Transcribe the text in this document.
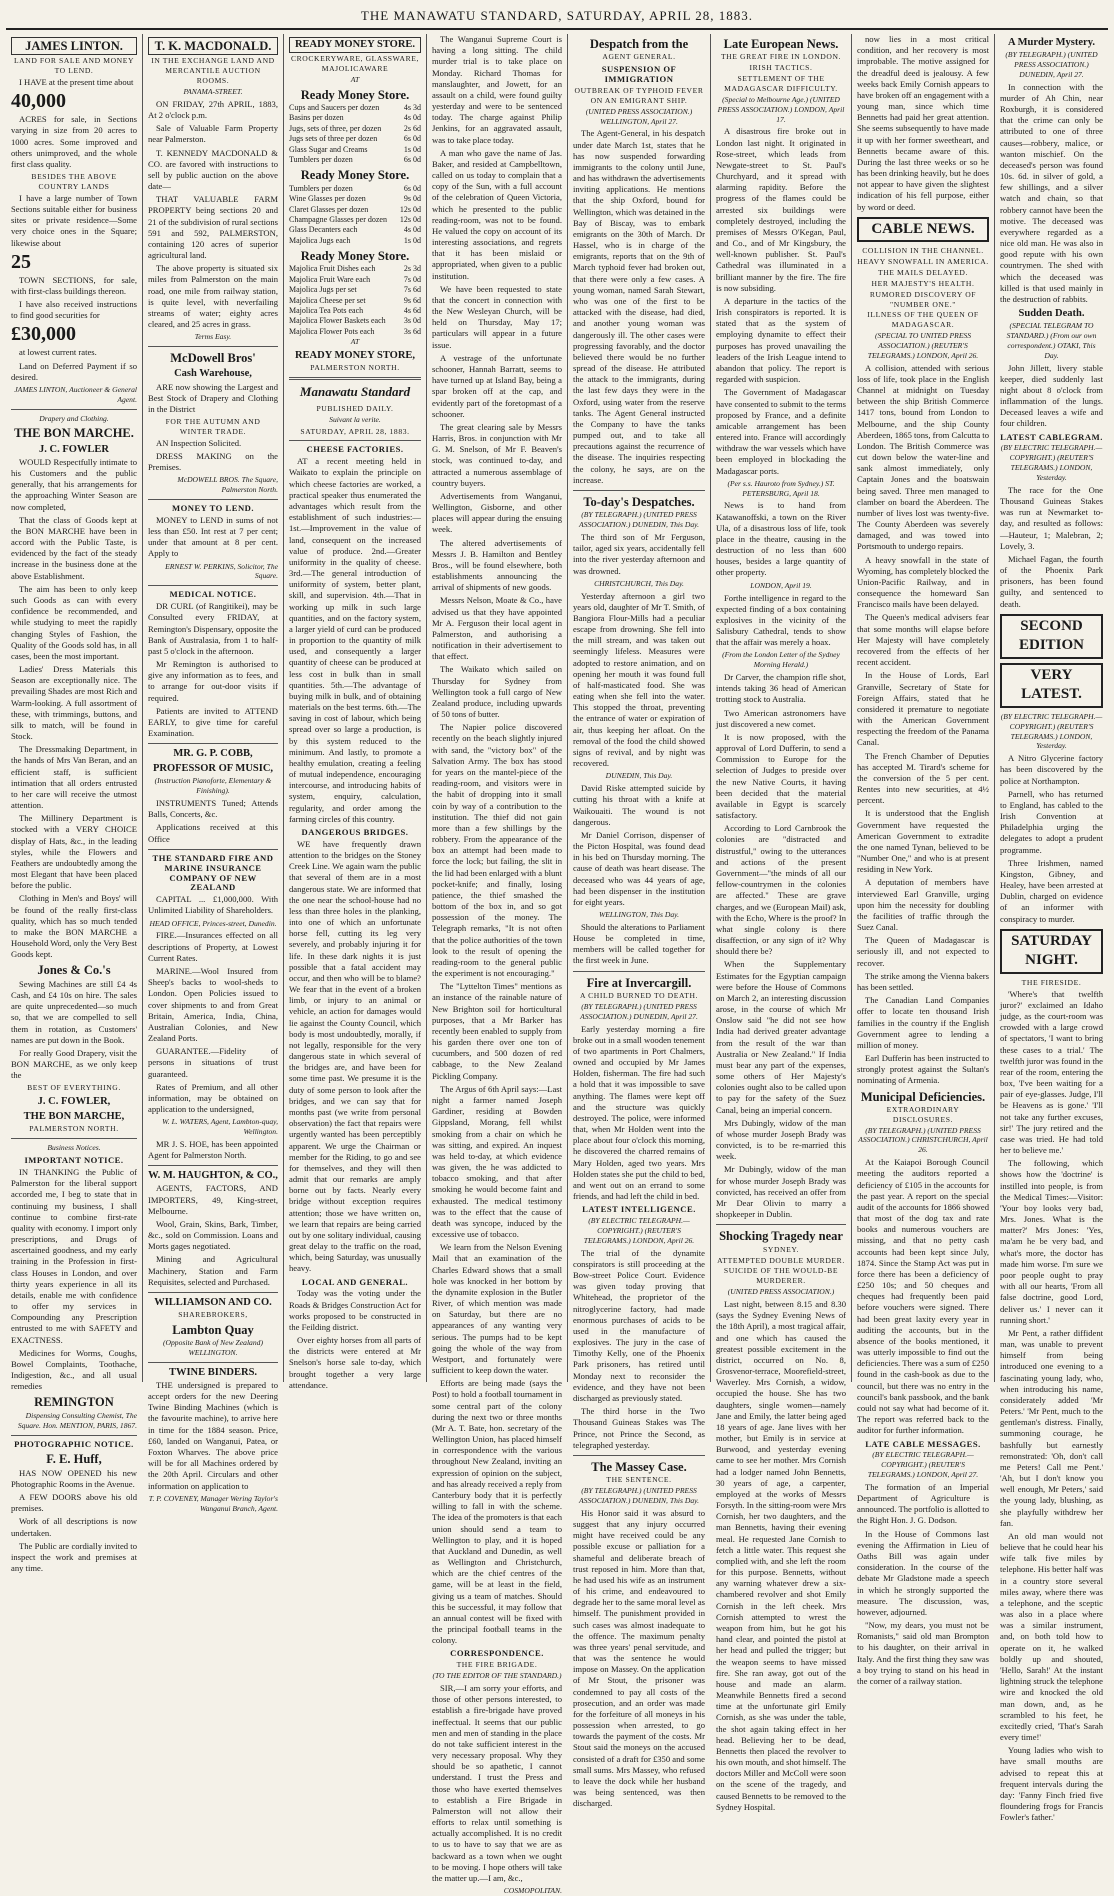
THE MANAWATU STANDARD, SATURDAY, APRIL 28, 1883.
JAMES LINTON.
LAND FOR SALE AND MONEY TO LEND.

I HAVE at the present time about

40,000

ACRES for sale, in Sections varying in size from 20 acres to 1000 acres. Some improved and others unimproved, and the whole first class quality.

BESIDES THE ABOVE COUNTRY LANDS

I have a large number of Town Sections suitable either for business sites or private residence—Some very choice ones in the Square; likewise about

25

TOWN SECTIONS, for sale, with first-class buildings thereon.

I have also received instructions to find good securities for

£30,000

at lowest current rates.

Land on Deferred Payment if so desired.

JAMES LINTON, Auctioneer & General Agent.
Drapery and Clothing.
THE BON MARCHE.
J. C. FOWLER

WOULD Respectfully intimate to his Customers and the public generally, that his arrangements for the approaching Winter Season are now completed,

That the class of Goods kept at the BON MARCHE have been in accord with the Public Taste, is evidenced by the fact of the steady increase in the business done at the above Establishment.

The aim has been to only keep such Goods as can with every confidence be recommended, and while studying to meet the rapidly changing Styles of Fashion, the Quality of the Goods sold has, in all cases, been the most important.

Ladies' Dress Materials this Season are exceptionally nice. The prevailing Shades are most Rich and Warm-looking. A full assortment of these, with trimmings, buttons, and silk to match, will be found in Stock.

The Dressmaking Department, in the hands of Mrs Van Beran, and an efficient staff, is sufficient intimation that all orders entrusted to her care will receive the utmost attention.

The Millinery Department is stocked with a VERY CHOICE display of Hats, &c., in the leading styles, while the Flowers and Feathers are undoubtedly among the most Elegant that have been placed before the public.

Clothing in Men's and Boys' will be found of the really first-class quality, which has so much tended to make the BON MARCHE a Household Word, only the Very Best Goods kept.

Jones & Co.'s

Sewing Machines are still £4 4s Cash, and £4 10s on hire. The sales are quite unprecedented—so much so, that we are compelled to sell them in rotation, as Customers' names are put down in the Book.

For really Good Drapery, visit the BON MARCHE, as we only keep the

BEST OF EVERYTHING.
J. C. FOWLER,
THE BON MARCHE,
PALMERSTON NORTH.
Business Notices.
IMPORTANT NOTICE.

IN THANKING the Public of Palmerston for the liberal support accorded me, I beg to state that in continuing my business, I shall continue to combine first-rate quality with economy. I import only prescriptions, and Drugs of ascertained goodness, and my early training in the Profession in first-class Houses in London, and over thirty years experience in all its details, enable me with confidence to offer my services in Compounding any Prescription entrusted to me with SAFETY and EXACTNESS.

Medicines for Worms, Coughs, Bowel Complaints, Toothache, Indigestion, &c., and all usual remedies

REMINGTON
Dispensing Consulting Chemist, The Square. Hon. MENTION, PARIS, 1867.
PHOTOGRAPHIC NOTICE.
F. E. Huff,

HAS NOW OPENED his new Photographic Rooms in the Avenue.

A FEW DOORS above his old premises.

Work of all descriptions is now undertaken.

The Public are cordially invited to inspect the work and premises at any time.

T. K. MACDONALD.
IN THE EXCHANGE LAND AND MERCANTILE AUCTION ROOMS.
PANAMA-STREET.

ON FRIDAY, 27th APRIL, 1883, At 2 o'clock p.m.

Sale of Valuable Farm Property near Palmerston.

T. KENNEDY MACDONALD & CO. are favored with instructions to sell by public auction on the above date—

THAT VALUABLE FARM PROPERTY being sections 20 and 21 of the subdivision of rural sections 591 and 592, PALMERSTON, containing 120 acres of superior agricultural land.

The above property is situated six miles from Palmerston on the main road, one mile from railway station, is quite level, with neverfailing streams of water; eighty acres cleared, and 25 acres in grass.

Terms Easy.
McDowell Bros'
Cash Warehouse,

ARE now showing the Largest and Best Stock of Drapery and Clothing in the District

FOR THE AUTUMN AND WINTER TRADE.

AN Inspection Solicited.

DRESS MAKING on the Premises.

McDOWELL BROS. The Square, Palmerston North.
MONEY TO LEND.

MONEY to LEND in sums of not less than £50. Int rest at 7 per cent; under that amount at 8 per cent. Apply to

ERNEST W. PERKINS, Solicitor, The Square.
MEDICAL NOTICE.

DR CURL (of Rangitikei), may be Consulted every FRIDAY, at Remington's Dispensary, opposite the Bank of Australasia, from 1 to half-past 5 o'clock in the afternoon.

Mr Remington is authorised to give any information as to fees, and to arrange for out-door visits if required.

Patients are invited to ATTEND EARLY, to give time for careful Examination.

MR. G. P. COBB,
PROFESSOR OF MUSIC,
(Instruction Pianoforte, Elementary & Finishing).

INSTRUMENTS Tuned; Attends Balls, Concerts, &c.

Applications received at this Office

THE STANDARD FIRE AND MARINE INSURANCE COMPANY OF NEW ZEALAND

CAPITAL ... £1,000,000. With Unlimited Liability of Shareholders.

HEAD OFFICE, Princes-street, Dunedin.

FIRE.—Insurances effected on all descriptions of Property, at Lowest Current Rates.

MARINE.—Wool Insured from Sheep's backs to wool-sheds to London. Open Policies issued to cover shipments to and from Great Britain, America, India, China, Australian Colonies, and New Zealand Ports.

GUARANTEE.—Fidelity of persons in situations of trust guaranteed.

Rates of Premium, and all other information, may be obtained on application to the undersigned,

W. L. WATERS, Agent, Lambton-quay, Wellington.

MR J. S. HOE, has been appointed Agent for Palmerston North.

W. M. HAUGHTON, & CO.,

AGENTS, FACTORS, AND IMPORTERS, 49, King-street, Melbourne.

Wool, Grain, Skins, Bark, Timber, &c., sold on Commission. Loans and Morts gages negotiated.

Mining and Agricultural Machinery, Station and Farm Requisites, selected and Purchased.

WILLIAMSON AND CO.
SHAREBROKERS,
Lambton Quay
(Opposite Bank of New Zealand) WELLINGTON.
TWINE BINDERS.

THE undersigned is prepared to accept orders for the new Deering Twine Binding Machines (which is the favourite machine), to arrive here in time for the 1884 season. Price, £60, landed on Wanganui, Patea, or Foxton Wharves. The above price will be for all Machines ordered by the 20th April. Circulars and other information on application to

T. P. COVENEY, Manager Wering Taylor's Wanganui Branch, Agent.
READY MONEY STORE.
CROCKERYWARE, GLASSWARE, MAJOLICAWARE
AT
Ready Money Store.
Cups and Saucers per dozen	4s 3d
Basins per dozen	4s 0d
Jugs, sets of three, per dozen	2s 6d
Jugs sets of three per dozen	6s 0d
Glass Sugar and Creams	1s 0d
Tumblers per dozen	6s 0d
Ready Money Store.
Tumblers per dozen	6s 0d
Wine Glasses per dozen	9s 0d
Claret Glasses per dozen	12s 0d
Champagne Glasses per dozen 12s 0d
Glass Decanters each	4s 0d
Majolica Jugs each	1s 0d
Ready Money Store.
Majolica Fruit Dishes each	2s 3d
Majolica Fruit Ware each	7s 0d
Majolica Jugs per set	7s 6d
Majolica Cheese per set	9s 6d
Majolica Tea Pots each	4s 6d
Majolica Flower Baskets each 3s 0d
Majolica Flower Pots each	3s 6d
AT
READY MONEY STORE,
PALMERSTON NORTH.
Manawatu Standard
PUBLISHED DAILY.
Suivant la verite.
SATURDAY, APRIL 28, 1883.
CHEESE FACTORIES.

AT a recent meeting held in Waikato to explain the principle on which cheese factories are worked, a practical speaker thus enumerated the advantages which result from the establishment of such industries:—1st.—Improvement in the value of land, consequent on the increased value of produce. 2nd.—Greater uniformity in the quality of cheese. 3rd.—The general introduction of uniformity of system, better plant, skill, and supervision. 4th.—That in working up milk in such large quantities, and on the factory system, a larger yield of curd can be produced in proportion to the quantity of milk used, and consequently a larger quantity of cheese can be produced at less cost in bulk than in small quantities. 5th.—The advantage of buying milk in bulk, and of obtaining materials on the best terms. 6th.—The saving in cost of labour, which being spread over so large a production, is by this system reduced to the minimum. And lastly, to promote a healthy emulation, creating a feeling of mutual independence, encouraging intercourse, and introducing habits of system, enquiry, calculation, regularity, and order among the farming circles of this country.

DANGEROUS BRIDGES.

WE have frequently drawn attention to the bridges on the Stoney Creek Line. We again warn the public that several of them are in a most dangerous state. We are informed that the one near the school-house had no less than three holes in the planking, into one of which an unfortunate horse fell, cutting its leg very severely, and probably injuring it for life. In these dark nights it is just possible that a fatal accident may occur, and then who will be to blame? We fear that in the event of a broken limb, or injury to an animal or vehicle, an action for damages would lie against the County Council, which body is most undoubtedly, morally, if not legally, responsible for the very dangerous state in which several of the bridges are, and have been for some time past. We presume it is the duty of some person to look after the bridges, and we can say that for months past (we write from personal observation) the fact that repairs were urgently wanted has been perceptibly apparent. We urge the Chairman or member for the Riding, to go and see for themselves, and they will then admit that our remarks are amply borne out by facts. Nearly every bridge without exception requires attention; those we have written on, we learn that repairs are being carried out by one solitary individual, causing great delay to the traffic on the road, which, being Saturday, was unusually heavy.

LOCAL AND GENERAL.

Today was the voting under the Roads & Bridges Construction Act for works proposed to be constructed in the Feilding district.

Over eighty horses from all parts of the districts were entered at Mr Snelson's horse sale to-day, which brought together a very large attendance.

The Wanganui Supreme Court is having a long sitting. The child murder trial is to take place on Monday. Richard Thomas for manslaughter, and Jowett, for an assault on a child, were found guilty yesterday and were to be sentenced today. The charge against Philip Jenkins, for an aggravated assault, was to take place today.

A man who gave the name of Jas. Baker, and resided at Campbelltown, called on us today to complain that a copy of the Sun, with a full account of the celebration of Queen Victoria, which he presented to the public reading-room, was not to be found. He valued the copy on account of its interesting associations, and regrets that it has been mislaid or appropriated, when given to a public institution.

We have been requested to state that the concert in connection with the New Wesleyan Church, will be held on Thursday, May 17; particulars will appear in a future issue.

A vestrage of the unfortunate schooner, Hannah Barratt, seems to have turned up at Island Bay, being a spar broken off at the cap, and evidently part of the foretopmast of a schooner.

The great clearing sale by Messrs Harris, Bros. in conjunction with Mr G. M. Snelson, of Mr F. Beaven's stock, was continued to-day, and attracted a numerous assemblage of country buyers.

Advertisements from Wanganui, Wellington, Gisborne, and other places will appear during the ensuing week.

The altered advertisements of Messrs J. B. Hamilton and Bentley Bros., will be found elsewhere, both establishments announcing the arrival of shipments of new goods.

Messrs Nelson, Moate & Co., have advised us that they have appointed Mr A. Ferguson their local agent in Palmerston, and authorising a notification in their advertisement to that effect.

The Waikato which sailed on Thursday for Sydney from Wellington took a full cargo of New Zealand produce, including upwards of 50 tons of butter.

The Napier police discovered recently on the beach slightly injured with sand, the "victory box" of the Salvation Army. The box has stood for years on the mantel-piece of the reading-room, and visitors were in the habit of dropping into it small coin by way of a contribution to the institution. The thief did not gain more than a few shillings by the robbery. From the appearance of the box an attempt had been made to force the lock; but failing, the slit in the lid had been enlarged with a blunt pocket-knife; and finally, losing patience, the thief smashed the bottom of the box in, and so got possession of the money. The Telegraph remarks, "It is not often that the police authorities of the town look to the result of opening the reading-room to the general public the experiment is not encouraging."

The "Lyttelton Times" mentions as an instance of the rainable nature of New Brighton soil for horticultural purposes, that a Mr Barker has recently been enabled to supply from his garden there over one ton of cucumbers, and 500 dozen of red cabbage, to the New Zealand Pickling Company.

The Argus of 6th April says:—Last night a farmer named Joseph Gardiner, residing at Bowden Gippsland, Morang, fell whilst smoking from a chair on which he was sitting, and expired. An inquest was held to-day, at which evidence was given, the he was addicted to tobacco smoking, and that after smoking he would become faint and exhausted. The medical testimony was to the effect that the cause of death was syncope, induced by the excessive use of tobacco.

We learn from the Nelson Evening Mail that an examination of the Charles Edward shows that a small hole was knocked in her bottom by the dynamite explosion in the Butler River, of which mention was made on Saturday, but there are no appearances of any wanting very serious. The pumps had to be kept going the whole of the way from Westport, and fortunately were sufficient to keep down the water.

Efforts are being made (says the Post) to hold a football tournament in some central part of the colony during the next two or three months (Mr A. T. Bate, hon. secretary of the Wellington Union, has placed himself in correspondence with the various throughout New Zealand, inviting an expression of opinion on the subject, and has already received a reply from Canterbury body that it is perfectly willing to fall in with the scheme. The idea of the promoters is that each union should send a team to Wellington to play, and it is hoped that Auckland and Dunedin, as well as Wellington and Christchurch, which are the chief centres of the game, will be at least in the field, giving us a team of matches. Should this be successful, it may follow that an annual contest will be fixed with the principal football teams in the colony.

CORRESPONDENCE.
THE FIRE BRIGADE.
(TO THE EDITOR OF THE STANDARD.)

SIR,—I am sorry your efforts, and those of other persons interested, to establish a fire-brigade have proved ineffectual. It seems that our public men and men of standing in the place do not take sufficient interest in the very necessary proposal. Why they should be so apathetic, I cannot understand. I trust the Press and those who have exerted themselves to establish a Fire Brigade in Palmerston will not allow their efforts to relax until something is actually accomplished. It is no credit to us to have to say that we are as backward as a town when we ought to be moving. I hope others will take the matter up.—I am, &c.,

COSMOPOLITAN.
Despatch from the
AGENT GENERAL.
SUSPENSION OF IMMIGRATION
OUTBREAK OF TYPHOID FEVER ON AN EMIGRANT SHIP.
(UNITED PRESS ASSOCIATION.) WELLINGTON, April 27.

The Agent-General, in his despatch under date March 1st, states that he has now suspended forwarding immigrants to the colony until June, and has withdrawn the advertisements inviting applications. He mentions that the ship Oxford, bound for Wellington, which was detained in the Bay of Biscay, was to embark emigrants on the 30th of March. Dr Hassel, who is in charge of the emigrants, reports that on the 9th of March typhoid fever had broken out, that there were only a few cases. A young woman, named Sarah Stewart, who was one of the first to be attacked with the disease, had died, and another young woman was dangerously ill. The other cases were progressing favorably, and the doctor believed there would be no further spread of the disease. He attributed the attack to the immigrants, during the last few days they were in the Oxford, using water from the reserve tanks. The Agent General instructed the Company to have the tanks pumped out, and to take all precautions against the recurrence of the disease. The inquiries respecting the colony, he says, are on the increase.

To-day's Despatches.
(BY TELEGRAPH.) (UNITED PRESS ASSOCIATION.) DUNEDIN, This Day.

The third son of Mr Ferguson, tailor, aged six years, accidentally fell into the river yesterday afternoon and was drowned.

CHRISTCHURCH, This Day.

Yesterday afternoon a girl two years old, daughter of Mr T. Smith, of Bangiora Flour-Mills had a peculiar escape from drowning. She fell into the mill stream, and was taken out seemingly lifeless. Measures were adopted to restore animation, and on opening her mouth it was found full of half-masticated food. She was eating when she fell into the water. This stopped the throat, preventing the entrance of water or expiration of air, thus keeping her afloat. On the removal of the food the child showed signs of revival, and by night was recovered.

DUNEDIN, This Day.

David Riske attempted suicide by cutting his throat with a knife at Waikouaiti. The wound is not dangerous.

Mr Daniel Corrison, dispenser of the Picton Hospital, was found dead in his bed on Thursday morning. The cause of death was heart disease. The deceased who was 44 years of age, had been dispenser in the institution for eight years.

WELLINGTON, This Day.

Should the alterations to Parliament House be completed in time, members will be called together for the first week in June.

Fire at Invercargill.
A CHILD BURNED TO DEATH.
(BY TELEGRAPH.) (UNITED PRESS ASSOCIATION.) DUNEDIN, April 27.

Early yesterday morning a fire broke out in a small wooden tenement of two apartments in Port Chalmers, owned and occupied by Mr James Holden, fisherman. The fire had such a hold that it was impossible to save anything. The flames were kept off and the structure was quickly destroyed. The police, were informed that, when Mr Holden went into the place about four o'clock this morning, he discovered the charred remains of Mary Holden, aged two years. Mrs Holden states she put the child to bed, and went out on an errand to some friends, and had left the child in bed.

LATEST INTELLIGENCE.
(BY ELECTRIC TELEGRAPH.—COPYRIGHT.) (REUTER'S TELEGRAMS.) LONDON, April 26.

The trial of the dynamite conspirators is still proceeding at the Bow-street Police Court. Evidence was given today proving that Whitehead, the proprietor of the nitroglycerine factory, had made enormous purchases of acids to be used in the manufacture of explosives. The jury in the case of Timothy Kelly, one of the Phoenix Park prisoners, has retired until Monday next to reconsider the evidence, and they have not been discharged as previously stated.

The third horse in the Two Thousand Guineas Stakes was The Prince, not Prince the Second, as telegraphed yesterday.

The Massey Case.
THE SENTENCE.
(BY TELEGRAPH.) (UNITED PRESS ASSOCIATION.) DUNEDIN, This Day.

His Honor said it was absurd to suggest that any injury occurred might have received could be any possible excuse or palliation for a shameful and deliberate breach of trust reposed in him. More than that, he had used his wife as an instrument of his crime, and endeavoured to degrade her to the same moral level as himself. The punishment provided in such cases was almost inadequate to the offence. The maximum penalty was three years' penal servitude, and that was the sentence he would impose on Massey. On the application of Mr Stout, the prisoner was condemned to pay all costs of the prosecution, and an order was made for the forfeiture of all moneys in his possession when arrested, to go towards the payment of the costs. Mr Stout said the moneys on the accused consisted of a draft for £350 and some small sums. Mrs Massey, who refused to leave the dock while her husband was being sentenced, was then discharged.

Late European News.
THE GREAT FIRE IN LONDON.
IRISH TACTICS.
SETTLEMENT OF THE MADAGASCAR DIFFICULTY.
(Special to Melbourne Age.) (UNITED PRESS ASSOCIATION.) LONDON, April 17.

A disastrous fire broke out in London last night. It originated in Rose-street, which leads from Newgate-street to St. Paul's Churchyard, and it spread with alarming rapidity. Before the progress of the flames could be arrested six buildings were completely destroyed, including the premises of Messrs O'Kegan, Paul, and Co., and of Mr Kingsbury, the well-known publisher. St. Paul's Cathedral was illuminated in a brilliant manner by the fire. The fire is now subsiding.

A departure in the tactics of the Irish conspirators is reported. It is stated that as the system of employing dynamite to effect their purposes has proved unavailing the leaders of the Irish League intend to abandon that policy. The report is regarded with suspicion.

The Government of Madagascar have consented to submit to the terms proposed by France, and a definite amicable arrangement has been entered into. France will accordingly withdraw the war vessels which have been employed in blockading the Madagascar ports.

(Per s.s. Hauroto from Sydney.) ST. PETERSBURG, April 18.

News is to hand from Katawanoffski, a town on the River Ula, of a disastrous loss of life, took place in the theatre, causing in the destruction of no less than 600 houses, besides a large quantity of other property.

LONDON, April 19.

Forthe intelligence in regard to the expected finding of a box containing explosives in the vicinity of the Salisbury Cathedral, tends to show that the affair was merely a hoax.

(From the London Letter of the Sydney Morning Herald.)

Dr Carver, the champion rifle shot, intends taking 36 head of American trotting stock to Australia.

Two American astronomers have just discovered a new comet.

It is now proposed, with the approval of Lord Dufferin, to send a Commission to Europe for the selection of Judges to preside over the new Native Courts, it having been decided that the material available in Egypt is scarcely satisfactory.

According to Lord Carnbrook the colonies are "distracted and distrustful," owing to the utterances and actions of the present Government—"the minds of all our fellow-countrymen in the colonies are affected." These are grave charges, and we (European Mail) ask, with the Echo, Where is the proof? In what single colony is there disaffection, or any sign of it? Why should there be?

When the Supplementary Estimates for the Egyptian campaign were before the House of Commons on March 2, an interesting discussion arose, in the course of which Mr Onslow said "he did not see how India had derived greater advantage from the result of the war than Australia or New Zealand." If India must bear any part of the expenses, some others of Her Majesty's colonies ought also to be called upon to pay for the safety of the Suez Canal, being an imperial concern.

Mrs Dubingly, widow of the man of whose murder Joseph Brady was convicted, is to be re-married this week.

Mr Dubingly, widow of the man for whose murder Joseph Brady was convicted, has received an offer from Mr Dear Olivin to marry a shopkeeper in Dublin.

Shocking Tragedy near
SYDNEY.
ATTEMPTED DOUBLE MURDER.
SUICIDE OF THE WOULD-BE MURDERER.
(UNITED PRESS ASSOCIATION.)

Last night, between 8.15 and 8.30 (says the Sydney Evening News of the 18th April), a most tragical affair, and one which has caused the greatest possible excitement in the district, occurred on No. 8, Grosvenor-terrace, Moorefield-street, Waverley. Mrs Cornish, a widow, occupied the house. She has two daughters, single women—namely Jane and Emily, the latter being aged 18 years of age. Jane lives with her mother, but Emily is in service at Burwood, and yesterday evening came to see her mother. Mrs Cornish had a lodger named John Bennetts, 30 years of age, a carpenter, employed at the works of Messrs Forsyth. In the sitting-room were Mrs Cornish, her two daughters, and the man Bennetts, having their evening meal. He requested Jane Cornish to fetch a little water. This request she complied with, and she left the room for this purpose. Bennetts, without any warning whatever drew a six-chambered revolver and shot Emily Cornish in the left cheek. Mrs Cornish attempted to wrest the weapon from him, but he got his hand clear, and pointed the pistol at her head and pulled the trigger; but the weapon seems to have missed fire. She ran away, got out of the house and made an alarm. Meanwhile Bennetts fired a second time at the unfortunate girl Emily Cornish, as she was under the table, the shot again taking effect in her head. Believing her to be dead, Bennetts then placed the revolver to his own mouth, and shot himself. The doctors Miller and McColl were soon on the scene of the tragedy, and caused Bennetts to be removed to the Sydney Hospital.

now lies in a most critical condition, and her recovery is most improbable. The motive assigned for the dreadful deed is jealousy. A few weeks back Emily Cornish appears to have broken off an engagement with a young man, since which time Bennetts had paid her great attention. She seems subsequently to have made it up with her former sweetheart, and Bennetts became aware of this. During the last three weeks or so he has been drinking heavily, but he does not appear to have given the slightest indication of his fell purpose, either by word or deed.

CABLE NEWS.
COLLISION IN THE CHANNEL.
HEAVY SNOWFALL IN AMERICA.
THE MAILS DELAYED.
HER MAJESTY'S HEALTH.
RUMORED DISCOVERY OF "NUMBER ONE."
ILLNESS OF THE QUEEN OF MADAGASCAR.
(SPECIAL TO UNITED PRESS ASSOCIATION.) (REUTER'S TELEGRAMS.) LONDON, April 26.

A collision, attended with serious loss of life, took place in the English Channel at midnight on Tuesday between the ship British Commerce 1417 tons, bound from London to Melbourne, and the ship County Aberdeen, 1865 tons, from Calcutta to London. The British Commerce was cut down below the water-line and sank almost immediately, only Captain Jones and the boatswain being saved. Three men managed to clamber on board the Aberdeen. The number of lives lost was twenty-five. The County Aberdeen was severely damaged, and was towed into Portsmouth to undergo repairs.

A heavy snowfall in the state of Wyoming, has completely blocked the Union-Pacific Railway, and in consequence the homeward San Francisco mails have been delayed.

The Queen's medical advisers fear that some months will elapse before Her Majesty will have completely recovered from the effects of her recent accident.

In the House of Lords, Earl Granville, Secretary of State for Foreign Affairs, stated that he considered it premature to negotiate with the American Government respecting the freedom of the Panama Canal.

The French Chamber of Deputies has accepted M. Tirard's scheme for the conversion of the 5 per cent. Rentes into new securities, at 4½ percent.

It is understood that the English Government have requested the American Government to extradite the one named Tynan, believed to be "Number One," and who is at present residing in New York.

A deputation of members have interviewed Earl Granville, urging upon him the necessity for doubling the facilities of traffic through the Suez Canal.

The Queen of Madagascar is seriously ill, and not expected to recover.

The strike among the Vienna bakers has been settled.

The Canadian Land Companies offer to locate ten thousand Irish families in the country if the English Government agree to lending a million of money.

Earl Dufferin has been instructed to strongly protest against the Sultan's nominating of Armenia.

Municipal Deficiencies.
EXTRAORDINARY DISCLOSURES.
(BY TELEGRAPH.) (UNITED PRESS ASSOCIATION.) CHRISTCHURCH, April 26.

At the Kaiapoi Borough Council meeting the auditors reported a deficiency of £105 in the accounts for the past year. A report on the special audit of the accounts for 1866 showed that most of the dog tax and rate books and numerous vouchers are missing, and that no petty cash accounts had been kept since July, 1874. Since the Stamp Act was put in force there has been a deficiency of £250 10s; and 50 cheques and cheques had frequently been paid before vouchers were signed. There had been great laxity every year in auditing the accounts, but in the absence of the books mentioned, it was utterly impossible to find out the deficiencies. There was a sum of £250 found in the cash-book as due to the council, but there was no entry in the council's bank passbook, and the bank could not say what had become of it. The report was referred back to the auditor for further information.

LATE CABLE MESSAGES.
(BY ELECTRIC TELEGRAPH.—COPYRIGHT.) (REUTER'S TELEGRAMS.) LONDON, April 27.

The formation of an Imperial Department of Agriculture is announced. The portfolio is allotted to the Right Hon. J. G. Dodson.

In the House of Commons last evening the Affirmation in Lieu of Oaths Bill was again under consideration. In the course of the debate Mr Gladstone made a speech in which he strongly supported the measure. The discussion, was, however, adjourned.

"Now, my dears, you must not be Romanists," said old man Brompton to his daughter, on their arrival in Italy. And the first thing they saw was a boy trying to stand on his head in the corner of a railway station.

A Murder Mystery.
(BY TELEGRAPH.) (UNITED PRESS ASSOCIATION.) DUNEDIN, April 27.

In connection with the murder of Ah Chin, near Roxburgh, it is considered that the crime can only be attributed to one of three causes—robbery, malice, or wanton mischief. On the deceased's person was found 10s. 6d. in silver of gold, a few shillings, and a silver watch and chain, so that robbery cannot have been the motive. The deceased was everywhere regarded as a nice old man. He was also in good repute with his own countrymen. The shed with which the deceased was killed is that used mainly in the destruction of rabbits.

Sudden Death.
(SPECIAL TELEGRAM TO STANDARD.) (From our own correspondent.) OTAKI, This Day.

John Jillett, livery stable keeper, died suddenly last night about 8 o'clock from inflammation of the lungs. Deceased leaves a wife and four children.

LATEST CABLEGRAM.
(BY ELECTRIC TELEGRAPH.—COPYRIGHT.) (REUTER'S TELEGRAMS.) LONDON, Yesterday.

The race for the One Thousand Guineas Stakes was run at Newmarket to-day, and resulted as follows:—Hauteur, 1; Malebran, 2; Lovely, 3.

Michael Fagan, the fourth of the Phoenix Park prisoners, has been found guilty, and sentenced to death.

SECOND EDITION
VERY LATEST.
(BY ELECTRIC TELEGRAPH.—COPYRIGHT.) (REUTER'S TELEGRAMS.) LONDON, Yesterday.

A Nitro Glycerine factory has been discovered by the police at Northampton.

Parnell, who has returned to England, has cabled to the Irish Convention at Philadelphia urging the delegates to adopt a prudent programme.

Three Irishmen, named Kingston, Gibney, and Healey, have been arrested at Dublin, charged on evidence of an informer with conspiracy to murder.

SATURDAY NIGHT.
THE FIRESIDE.

'Where's that twelfth juror?' exclaimed an Idaho judge, as the court-room was crowded with a large crowd of spectators, 'I want to bring these cases to a trial.' The twelfth juror was found in the rear of the room, entering the box, 'I've been waiting for a pair of eye-glasses. Judge, I'll be Heavens as is gone.' 'I'll not take any further excuses, sir!' The jury retired and the case was tried. He had told her to believe me.'

The following, which shows how the 'doctrine' is instilled into people, is from the Medical Times:—Visitor: 'Your boy looks very bad, Mrs. Jones. What is the matter?' Mrs Jones: 'Yes, ma'am he be very bad, and what's more, the doctor has made him worse. I'm sure we poor people ought to pray with all our hearts, 'From all false doctrine, good Lord, deliver us.' I never can it running short.'

Mr Pent, a rather diffident man, was unable to prevent himself from being introduced one evening to a fascinating young lady, who, when introducing his name, considerately added 'Mr Peters.' 'Mr Pent, much to the gentleman's distress. Finally, summoning courage, he bashfully but earnestly remonstrated: 'Oh, don't call me Peters! Call me Pent.' 'Ah, but I don't know you well enough, Mr Peters,' said the young lady, blushing, as she playfully withdrew her fan.

An old man would not believe that he could hear his wife talk five miles by telephone. His better half was in a country store several miles away, where there was a telephone, and the sceptic was also in a place where was a similar instrument, and, on both told how to operate on it, he walked boldly up and shouted, 'Hello, Sarah!' At the instant lightning struck the telephone wire and knocked the old man down, and, as he scrambled to his feet, he excitedly cried, 'That's Sarah every time!'

Young ladies who wish to have small mouths are advised to repeat this at frequent intervals during the day: 'Fanny Finch fried five floundering frogs for Francis Fowler's father.'
